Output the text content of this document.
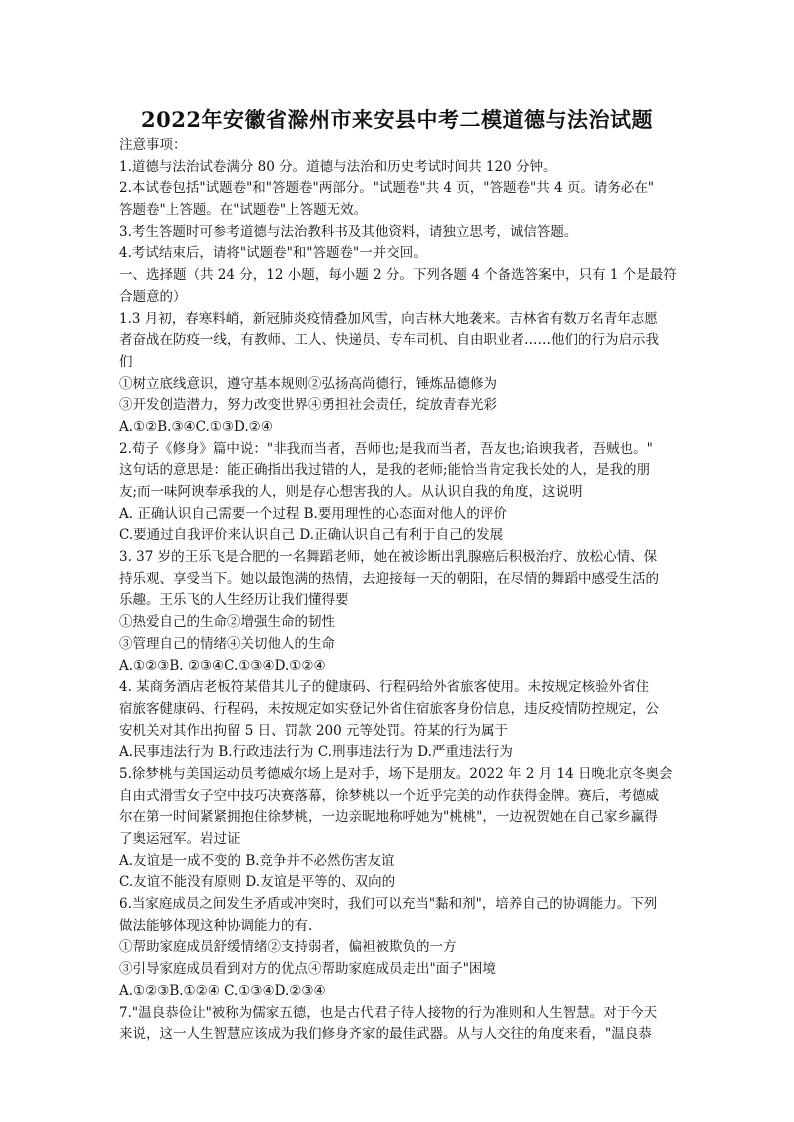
2022年安徽省滁州市来安县中考二模道德与法治试题
注意事项：
1.道德与法治试卷满分 80 分。道德与法治和历史考试时间共 120 分钟。
2.本试卷包括"试题卷"和"答题卷"两部分。"试题卷"共 4 页，"答题卷"共 4 页。请务必在"
答题卷"上答题。在"试题卷"上答题无效。
3.考生答题时可参考道德与法治教科书及其他资料，请独立思考，诚信答题。
4.考试结束后，请将"试题卷"和"答题卷"一并交回。
一、选择题（共 24 分，12 小题，每小题 2 分。下列各题 4 个备选答案中，只有 1 个是最符
合题意的）
1.3 月初，春寒料峭，新冠肺炎疫情叠加风雪，向吉林大地袭来。吉林省有数万名青年志愿
者奋战在防疫一线，有教师、工人、快递员、专车司机、自由职业者……他们的行为启示我
们
①树立底线意识，遵守基本规则②弘扬高尚德行，锤炼品德修为
③开发创造潜力，努力改变世界④勇担社会责任，绽放青春光彩
A.①②B.③④C.①③D.②④
2.荀子《修身》篇中说："非我而当者，吾师也;是我而当者，吾友也;谄谀我者，吾贼也。"
这句话的意思是：能正确指出我过错的人，是我的老师;能恰当肯定我长处的人，是我的朋
友;而一味阿谀奉承我的人，则是存心想害我的人。从认识自我的角度，这说明
A. 正确认识自己需要一个过程 B.要用理性的心态面对他人的评价
C.要通过自我评价来认识自己 D.正确认识自己有利于自己的发展
3. 37 岁的王乐飞是合肥的一名舞蹈老师，她在被诊断出乳腺癌后积极治疗、放松心情、保
持乐观、享受当下。她以最饱满的热情，去迎接每一天的朝阳，在尽情的舞蹈中感受生活的
乐趣。王乐飞的人生经历让我们懂得要
①热爱自己的生命②增强生命的韧性
③管理自己的情绪④关切他人的生命
A.①②③B. ②③④C.①③④D.①②④
4. 某商务酒店老板符某借其儿子的健康码、行程码给外省旅客使用。未按规定核验外省住
宿旅客健康码、行程码，未按规定如实登记外省住宿旅客身份信息，违反疫情防控规定，公
安机关对其作出拘留 5 日、罚款 200 元等处罚。符某的行为属于
A.民事违法行为 B.行政违法行为 C.刑事违法行为 D.严重违法行为
5.徐梦桃与美国运动员考德威尔场上是对手，场下是朋友。2022 年 2 月 14 日晚北京冬奥会
自由式滑雪女子空中技巧决赛落幕，徐梦桃以一个近乎完美的动作获得金牌。赛后，考德威
尔在第一时间紧紧拥抱住徐梦桃，一边亲昵地称呼她为"桃桃"，一边祝贺她在自己家乡赢得
了奥运冠军。岩过证
A.友谊是一成不变的 B.竞争并不必然伤害友谊
C.友谊不能没有原则 D.友谊是平等的、双向的
6.当家庭成员之间发生矛盾或冲突时，我们可以充当"黏和剂"，培养自己的协调能力。下列
做法能够体现这种协调能力的有.
①帮助家庭成员舒缓情绪②支持弱者，偏袒被欺负的一方
③引导家庭成员看到对方的优点④帮助家庭成员走出"面子"困境
A.①②③B.①②④ C.①③④D.②③④
7."温良恭俭让"被称为儒家五德，也是古代君子待人接物的行为准则和人生智慧。对于今天
来说，这一人生智慧应该成为我们修身齐家的最佳武器。从与人交往的角度来看，"温良恭
